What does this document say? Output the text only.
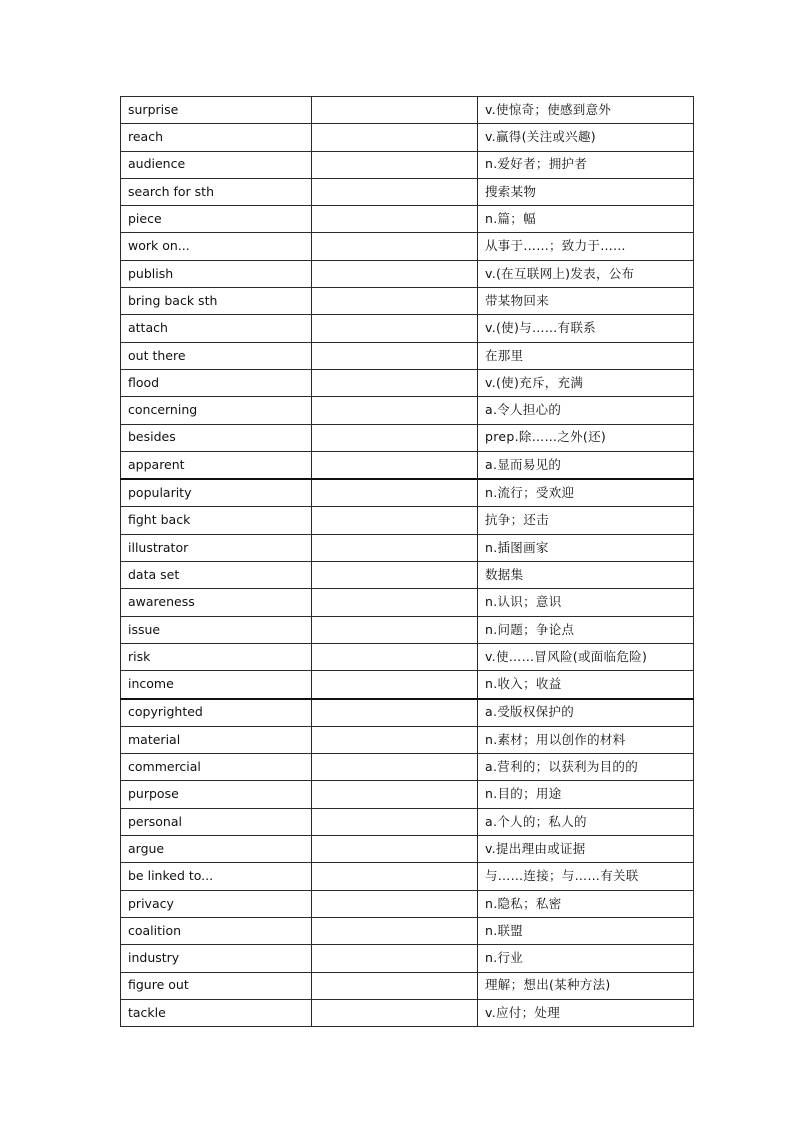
surprise		v.使惊奇；使感到意外
reach		v.赢得(关注或兴趣)
audience		n.爱好者；拥护者
search for sth		搜索某物
piece		n.篇；幅
work on...		从事于……；致力于……
publish		v.(在互联网上)发表，公布
bring back sth		带某物回来
attach		v.(使)与……有联系
out there		在那里
flood		v.(使)充斥，充满
concerning		a.令人担心的
besides		prep.除……之外(还)
apparent		a.显而易见的
popularity		n.流行；受欢迎
fight back		抗争；还击
illustrator		n.插图画家
data set		数据集
awareness		n.认识；意识
issue		n.问题；争论点
risk		v.使……冒风险(或面临危险)
income		n.收入；收益
copyrighted		a.受版权保护的
material		n.素材；用以创作的材料
commercial		a.营利的；以获利为目的的
purpose		n.目的；用途
personal		a.个人的；私人的
argue		v.提出理由或证据
be linked to...		与……连接；与……有关联
privacy		n.隐私；私密
coalition		n.联盟
industry		n.行业
figure out		理解；想出(某种方法)
tackle		v.应付；处理
